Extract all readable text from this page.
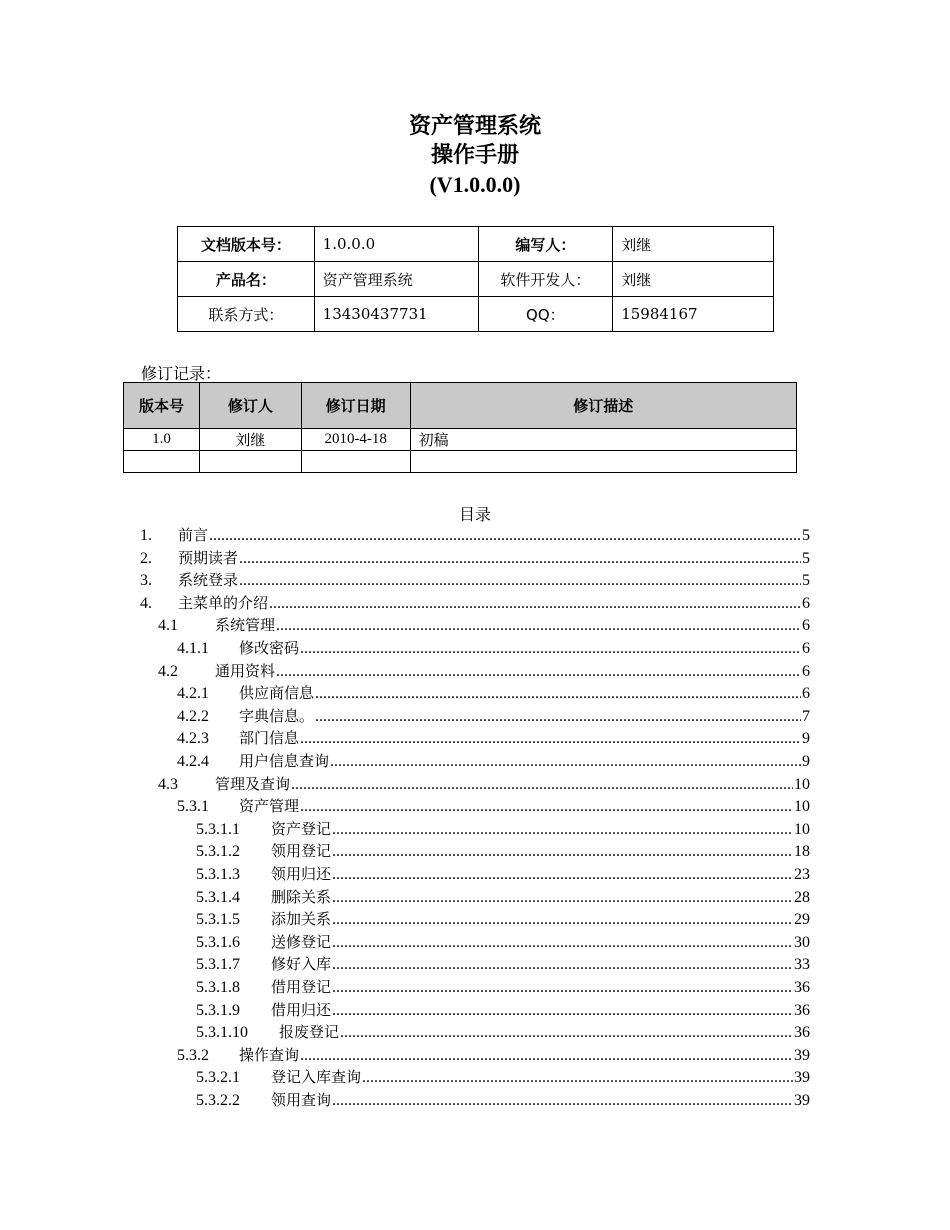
资产管理系统
操作手册
(V1.0.0.0)
文档版本号：	1.0.0.0	编写人：	刘继
产品名：	资产管理系统	软件开发人：	刘继
联系方式：	13430437731	QQ：	15984167
修订记录：
版本号	修订人	修订日期	修订描述
1.0	刘继	2010-4-18	初稿

目录
1.	前言 .....	5
2.	预期读者 .....	5
3.	系统登录 .....	5
4.	主菜单的介绍 .....	6
4.1	系统管理 .....	6
4.1.1	修改密码 .....	6
4.2	通用资料 .....	6
4.2.1	供应商信息 .....	6
4.2.2	字典信息。 .....	7
4.2.3	部门信息 .....	9
4.2.4	用户信息查询 .....	9
4.3	管理及查询 .....	10
5.3.1	资产管理 .....	10
5.3.1.1	资产登记 .....	10
5.3.1.2	领用登记 .....	18
5.3.1.3	领用归还 .....	23
5.3.1.4	删除关系 .....	28
5.3.1.5	添加关系 .....	29
5.3.1.6	送修登记 .....	30
5.3.1.7	修好入库 .....	33
5.3.1.8	借用登记 .....	36
5.3.1.9	借用归还 .....	36
5.3.1.10	报废登记 .....	36
5.3.2	操作查询 .....	39
5.3.2.1	登记入库查询 .....	39
5.3.2.2	领用查询 .....	39
